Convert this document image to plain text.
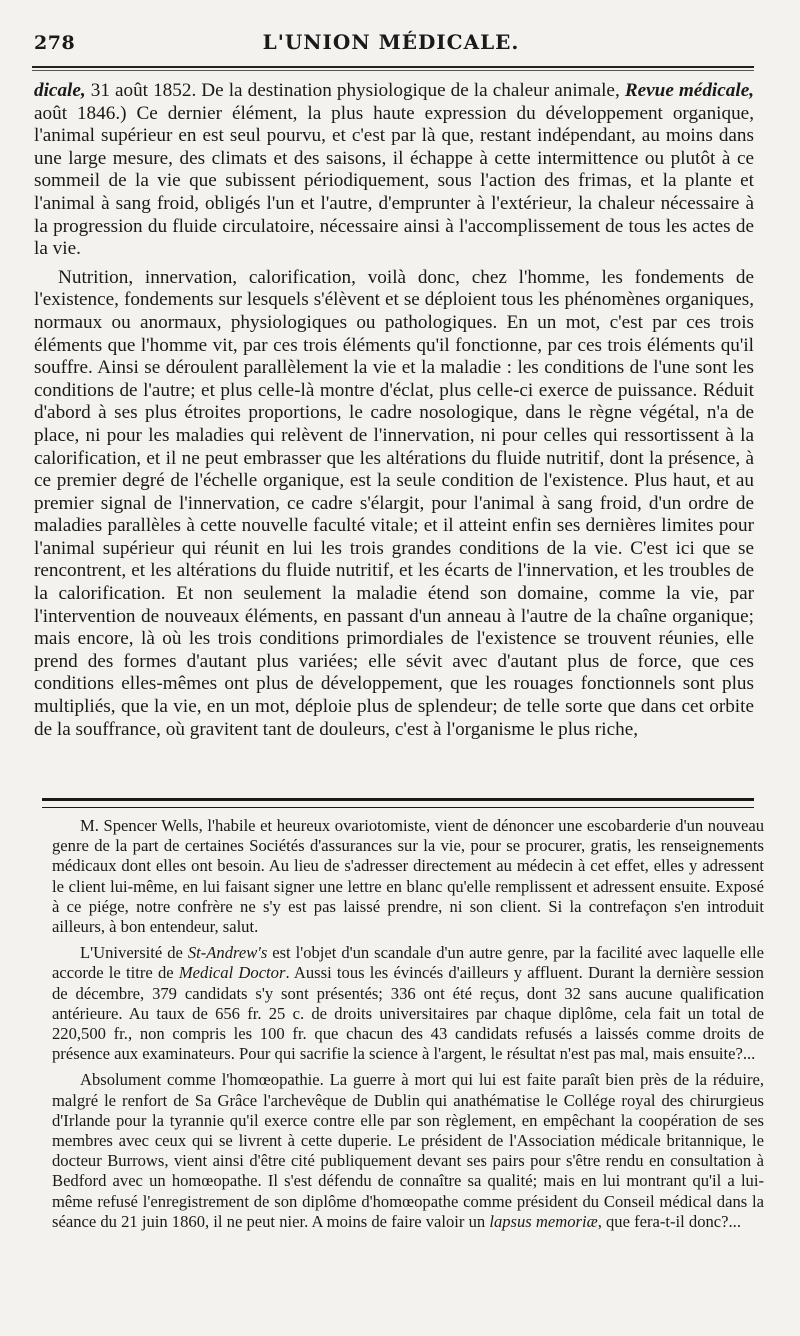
278	L'UNION MÉDICALE.

dicale, 31 août 1852. De la destination physiologique de la chaleur animale, Revue médicale, août 1846.) Ce dernier élément, la plus haute expression du développement organique, l'animal supérieur en est seul pourvu, et c'est par là que, restant indépendant, au moins dans une large mesure, des climats et des saisons, il échappe à cette intermittence ou plutôt à ce sommeil de la vie que subissent périodiquement, sous l'action des frimas, et la plante et l'animal à sang froid, obligés l'un et l'autre, d'emprunter à l'extérieur, la chaleur nécessaire à la progression du fluide circulatoire, nécessaire ainsi à l'accomplissement de tous les actes de la vie.

Nutrition, innervation, calorification, voilà donc, chez l'homme, les fondements de l'existence, fondements sur lesquels s'élèvent et se déploient tous les phénomènes organiques, normaux ou anormaux, physiologiques ou pathologiques. En un mot, c'est par ces trois éléments que l'homme vit, par ces trois éléments qu'il fonctionne, par ces trois éléments qu'il souffre. Ainsi se déroulent parallèlement la vie et la maladie : les conditions de l'une sont les conditions de l'autre; et plus celle-là montre d'éclat, plus celle-ci exerce de puissance. Réduit d'abord à ses plus étroites proportions, le cadre nosologique, dans le règne végétal, n'a de place, ni pour les maladies qui relèvent de l'innervation, ni pour celles qui ressortissent à la calorification, et il ne peut embrasser que les altérations du fluide nutritif, dont la présence, à ce premier degré de l'échelle organique, est la seule condition de l'existence. Plus haut, et au premier signal de l'innervation, ce cadre s'élargit, pour l'animal à sang froid, d'un ordre de maladies parallèles à cette nouvelle faculté vitale; et il atteint enfin ses dernières limites pour l'animal supérieur qui réunit en lui les trois grandes conditions de la vie. C'est ici que se rencontrent, et les altérations du fluide nutritif, et les écarts de l'innervation, et les troubles de la calorification. Et non seulement la maladie étend son domaine, comme la vie, par l'intervention de nouveaux éléments, en passant d'un anneau à l'autre de la chaîne organique; mais encore, là où les trois conditions primordiales de l'existence se trouvent réunies, elle prend des formes d'autant plus variées; elle sévit avec d'autant plus de force, que ces conditions elles-mêmes ont plus de développement, que les rouages fonctionnels sont plus multipliés, que la vie, en un mot, déploie plus de splendeur; de telle sorte que dans cet orbite de la souffrance, où gravitent tant de douleurs, c'est à l'organisme le plus riche,

M. Spencer Wells, l'habile et heureux ovariotomiste, vient de dénoncer une escobarderie d'un nouveau genre de la part de certaines Sociétés d'assurances sur la vie, pour se procurer, gratis, les renseignements médicaux dont elles ont besoin. Au lieu de s'adresser directement au médecin à cet effet, elles y adressent le client lui-même, en lui faisant signer une lettre en blanc qu'elle remplissent et adressent ensuite. Exposé à ce piége, notre confrère ne s'y est pas laissé prendre, ni son client. Si la contrefaçon s'en introduit ailleurs, à bon entendeur, salut.

L'Université de St-Andrew's est l'objet d'un scandale d'un autre genre, par la facilité avec laquelle elle accorde le titre de Medical Doctor. Aussi tous les évincés d'ailleurs y affluent. Durant la dernière session de décembre, 379 candidats s'y sont présentés; 336 ont été reçus, dont 32 sans aucune qualification antérieure. Au taux de 656 fr. 25 c. de droits universitaires par chaque diplôme, cela fait un total de 220,500 fr., non compris les 100 fr. que chacun des 43 candidats refusés a laissés comme droits de présence aux examinateurs. Pour qui sacrifie la science à l'argent, le résultat n'est pas mal, mais ensuite?...

Absolument comme l'homœopathie. La guerre à mort qui lui est faite paraît bien près de la réduire, malgré le renfort de Sa Grâce l'archevêque de Dublin qui anathématise le Collége royal des chirurgieus d'Irlande pour la tyrannie qu'il exerce contre elle par son règlement, en empêchant la coopération de ses membres avec ceux qui se livrent à cette duperie. Le président de l'Association médicale britannique, le docteur Burrows, vient ainsi d'être cité publiquement devant ses pairs pour s'être rendu en consultation à Bedford avec un homœopathe. Il s'est défendu de connaître sa qualité; mais en lui montrant qu'il a lui-même refusé l'enregistrement de son diplôme d'homœopathe comme président du Conseil médical dans la séance du 21 juin 1860, il ne peut nier. A moins de faire valoir un lapsus memoriæ, que fera-t-il donc?...
